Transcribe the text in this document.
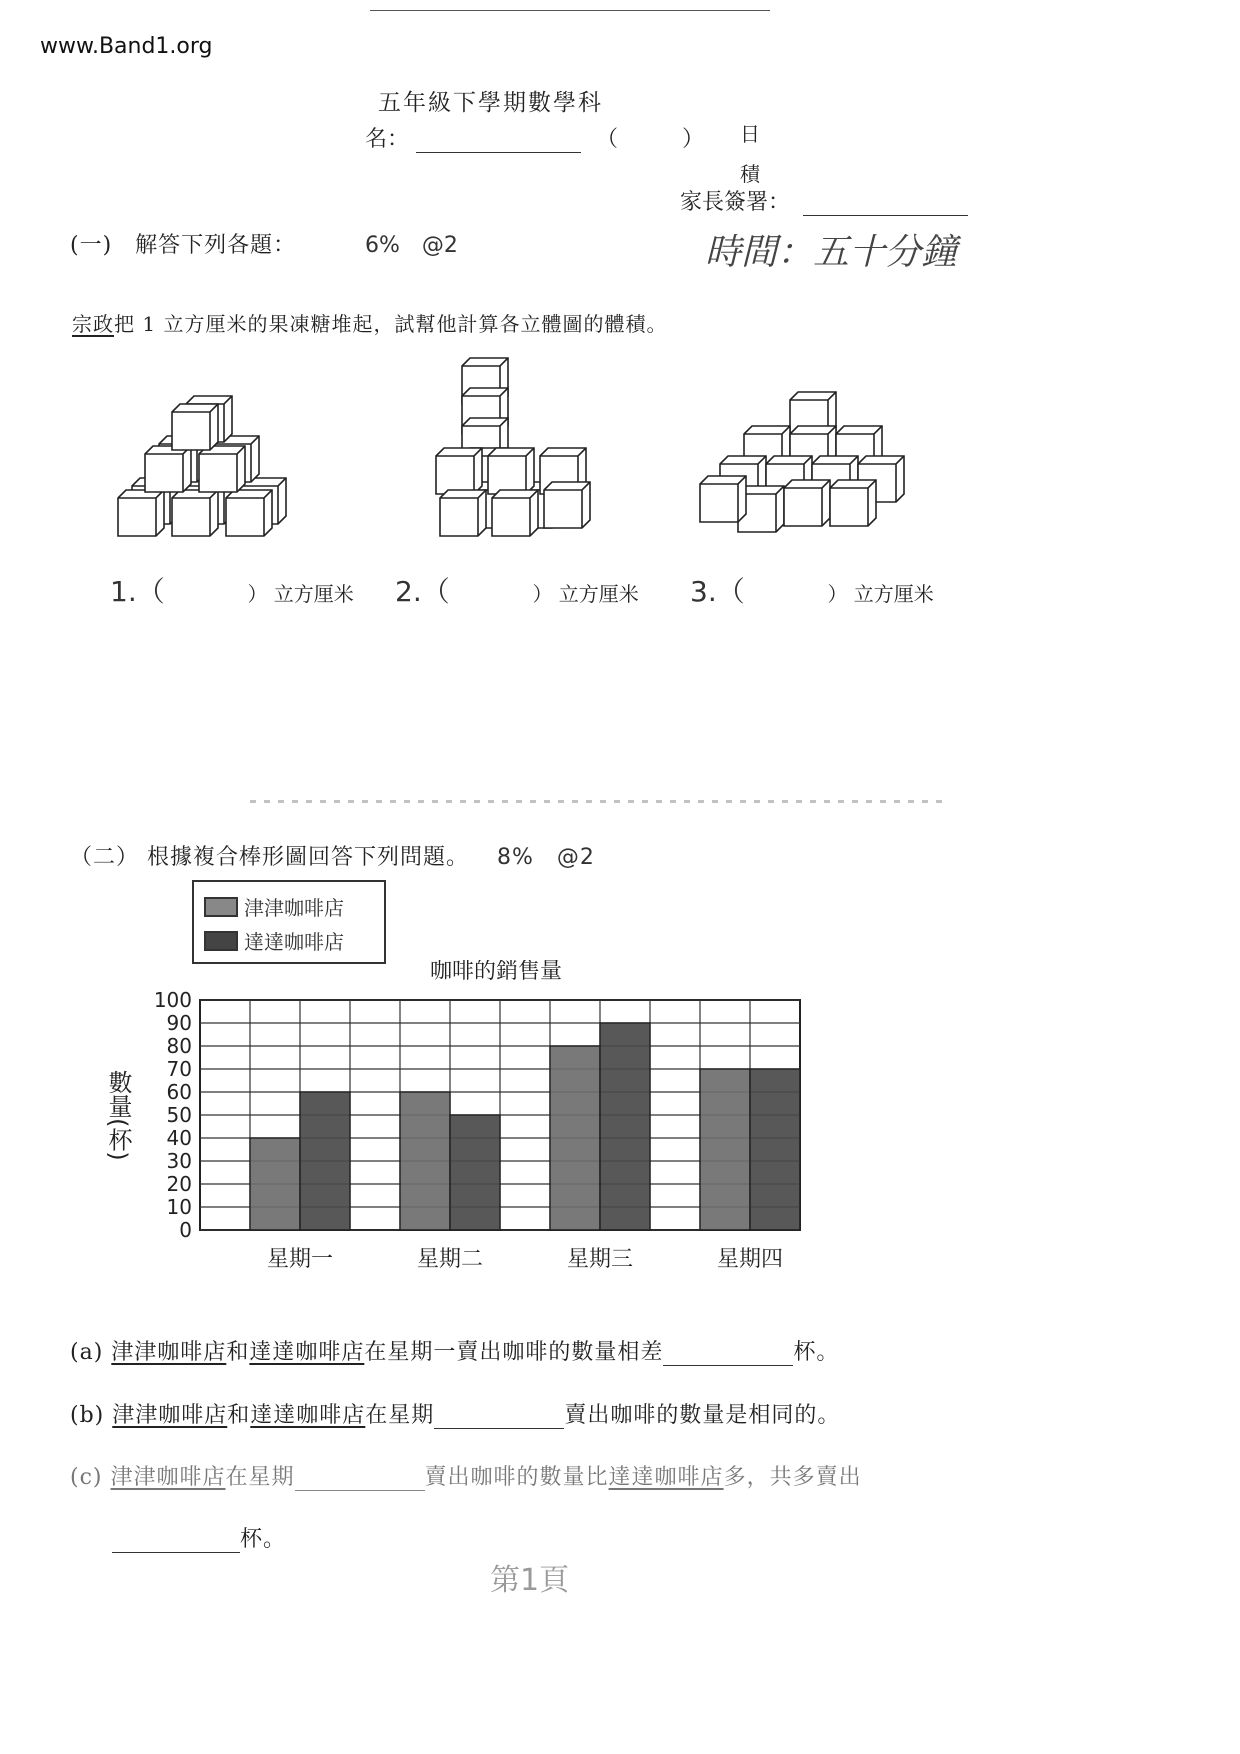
www.Band1.org
五年級下學期數學科
名：	（	） 日
積
家長簽署：
(一)　解答下列各題：	6%　@2	時間：五十分鐘
宗政把 1 立方厘米的果凍糖堆起，試幫他計算各立體圖的體積。
1.（	） 立方厘米 2.（	） 立方厘米 3.（	） 立方厘米
（二） 根據複合棒形圖回答下列問題。 8%　@2
津津咖啡店
達達咖啡店
咖啡的銷售量
0
10
20
30
40
50
60
70
80
90
100
星期一	星期二	星期三	星期四
數量(杯)
(a) 津津咖啡店和達達咖啡店在星期一賣出咖啡的數量相差	杯。
(b) 津津咖啡店和達達咖啡店在星期	賣出咖啡的數量是相同的。
(c) 津津咖啡店在星期	賣出咖啡的數量比達達咖啡店多，共多賣出
杯。
第1頁
